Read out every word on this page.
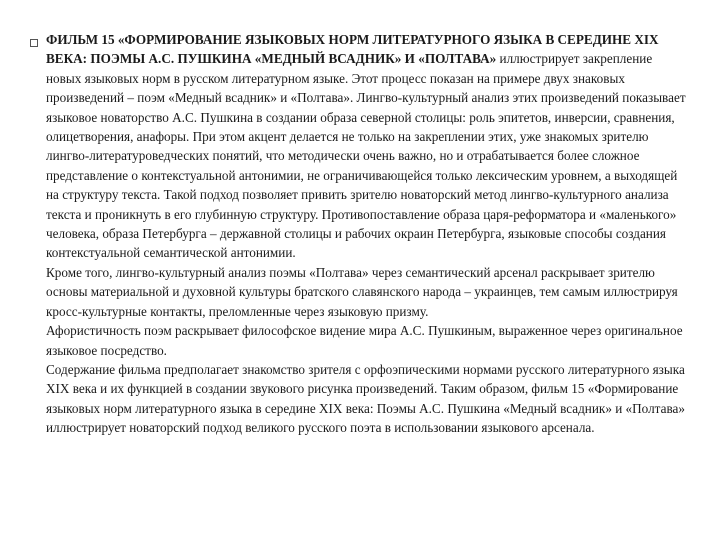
ФИЛЬМ 15 «ФОРМИРОВАНИЕ ЯЗЫКОВЫХ НОРМ ЛИТЕРАТУРНОГО ЯЗЫКА В СЕРЕДИНЕ XIX ВЕКА: ПОЭМЫ А.С. ПУШКИНА «МЕДНЫЙ ВСАДНИК» И «ПОЛТАВА» иллюстрирует закрепление новых языковых норм в русском литературном языке. Этот процесс показан на примере двух знаковых произведений – поэм «Медный всадник» и «Полтава». Лингво-культурный анализ этих произведений показывает языковое новаторство А.С. Пушкина в создании образа северной столицы: роль эпитетов, инверсии, сравнения, олицетворения, анафоры. При этом акцент делается не только на закреплении этих, уже знакомых зрителю лингво-литературоведческих понятий, что методически очень важно, но и отрабатывается более сложное представление о контекстуальной антонимии, не ограничивающейся только лексическим уровнем, а выходящей на структуру текста. Такой подход позволяет привить зрителю новаторский метод лингво-культурного анализа текста и проникнуть в его глубинную структуру. Противопоставление образа царя-реформатора и «маленького» человека, образа Петербурга – державной столицы и рабочих окраин Петербурга, языковые способы создания контекстуальной семантической антонимии.

Кроме того, лингво-культурный анализ поэмы «Полтава» через семантический арсенал раскрывает зрителю основы материальной и духовной культуры братского славянского народа – украинцев, тем самым иллюстрируя кросс-культурные контакты, преломленные через языковую призму.

Афористичность поэм раскрывает философское видение мира А.С. Пушкиным, выраженное через оригинальное языковое посредство.

Содержание фильма предполагает знакомство зрителя с орфоэпическими нормами русского литературного языка XIX века и их функцией в создании звукового рисунка произведений. Таким образом, фильм 15 «Формирование языковых норм литературного языка в середине XIX века: Поэмы А.С. Пушкина «Медный всадник» и «Полтава» иллюстрирует новаторский подход великого русского поэта в использовании языкового арсенала.
